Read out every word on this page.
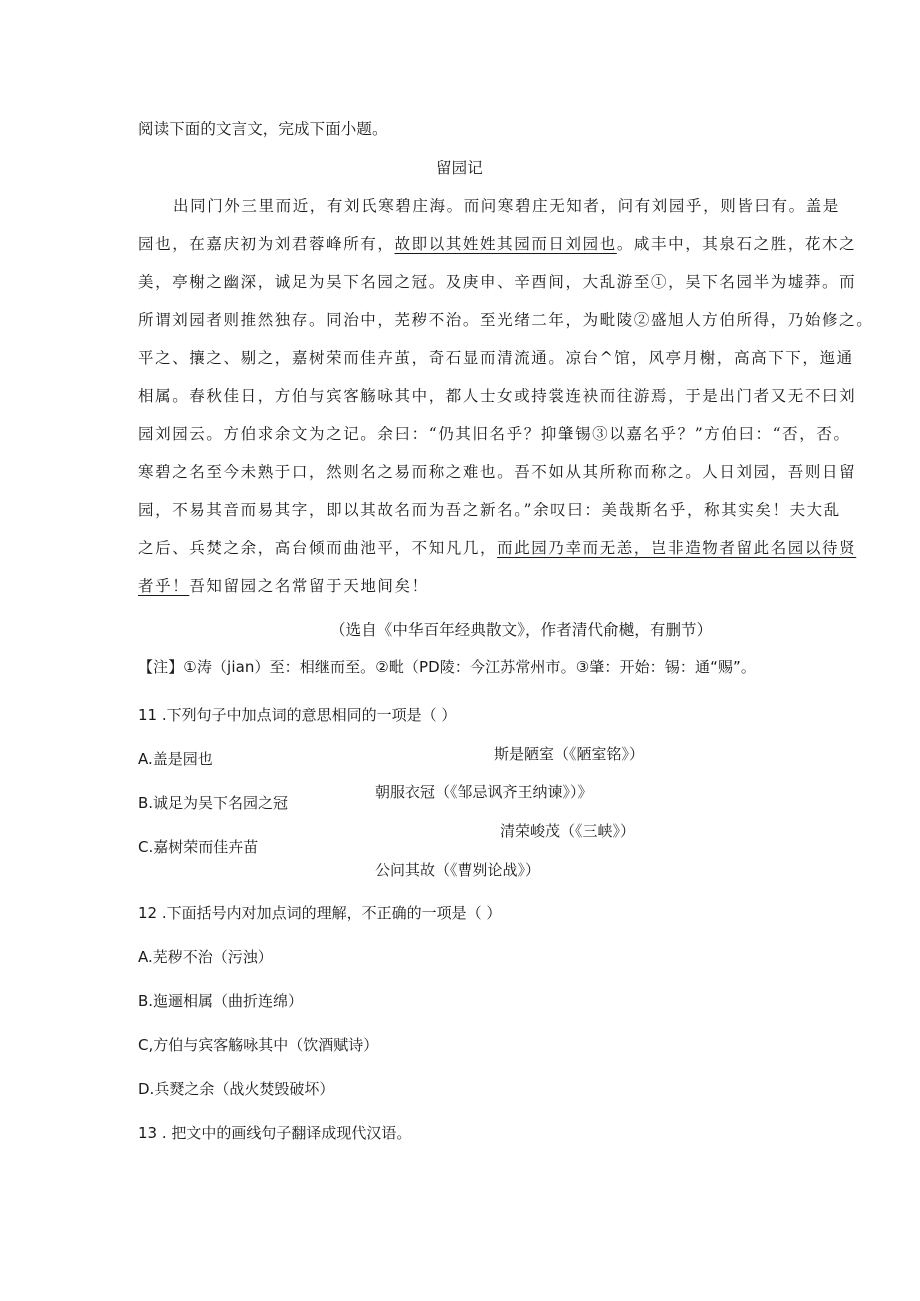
阅读下面的文言文，完成下面小题。
留园记
出同门外三里而近，有刘氏寒碧庄海。而问寒碧庄无知者，问有刘园乎，则皆曰有。盖是
园也，在嘉庆初为刘君蓉峰所有，故即以其姓姓其园而日刘园也。咸丰中，其泉石之胜，花木之
美，亭榭之幽深，诚足为吴下名园之冠。及庚申、辛酉间，大乱游至①，吴下名园半为墟莽。而
所谓刘园者则推然独存。同治中，芜秽不治。至光绪二年，为毗陵②盛旭人方伯所得，乃始修之。
平之、攘之、剔之，嘉树荣而佳卉茧，奇石显而清流通。凉台^馆，风亭月榭，高高下下，迤通
相属。春秋佳日，方伯与宾客觞咏其中，都人士女或持裳连袂而往游焉，于是出门者又无不曰刘
园刘园云。方伯求余文为之记。余曰：“仍其旧名乎？抑肇锡③以嘉名乎？”方伯曰：“否，否。
寒碧之名至今未熟于口，然则名之易而称之难也。吾不如从其所称而称之。人日刘园，吾则日留
园，不易其音而易其字，即以其故名而为吾之新名。”余叹曰：美哉斯名乎，称其实矣！夫大乱
之后、兵焚之余，高台倾而曲池平，不知凡几，而此园乃幸而无恙，岂非造物者留此名园以待贤
者乎！吾知留园之名常留于天地间矣！
（选自《中华百年经典散文》，作者清代俞樾，有删节）
【注】①涛（jian）至：相继而至。②毗（PD陵：今江苏常州市。③肇：开始：锡：通“赐”。
11 .下列句子中加点词的意思相同的一项是（ ）
A.盖是园也	斯是陋室（《陋室铭》）
朝服衣冠（《邹忌讽齐王纳谏》）》
B.诚足为吴下名园之冠
清荣峻茂（《三峡》）
C.嘉树荣而佳卉苗
公问其故（《曹刿论战》）
12 .下面括号内对加点词的理解，不正确的一项是（ ）
A.芜秽不治（污浊）
B.迤逦相属（曲折连绵）
C,方伯与宾客觞咏其中（饮酒赋诗）
D.兵燹之余（战火焚毁破坏）
13 . 把文中的画线句子翻译成现代汉语。
